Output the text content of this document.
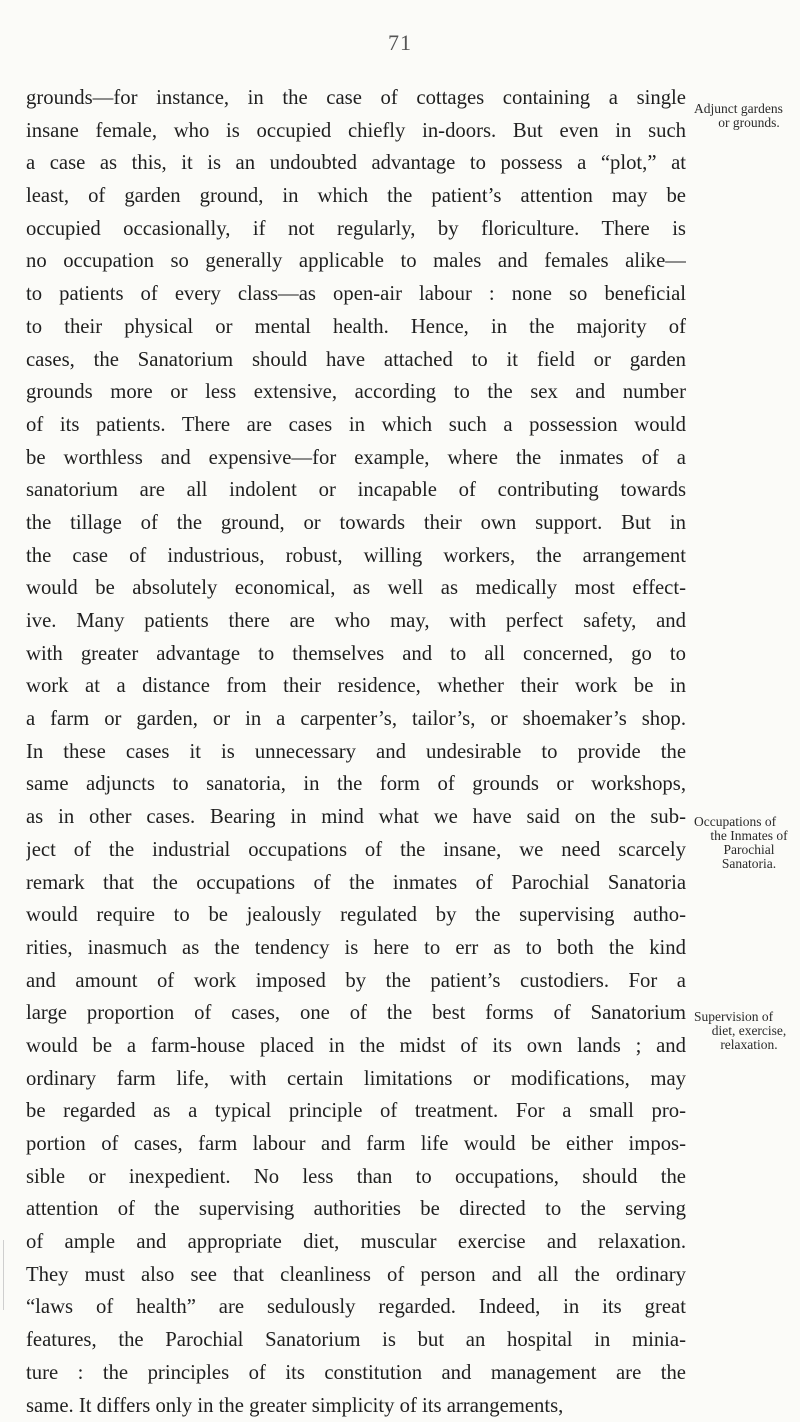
71
grounds—for instance, in the case of cottages containing a single
insane female, who is occupied chiefly in-doors. But even in such
a case as this, it is an undoubted advantage to possess a “plot,” at
least, of garden ground, in which the patient’s attention may be
occupied occasionally, if not regularly, by floriculture. There is
no occupation so generally applicable to males and females alike—
to patients of every class—as open-air labour : none so beneficial
to their physical or mental health. Hence, in the majority of
cases, the Sanatorium should have attached to it field or garden
grounds more or less extensive, according to the sex and number
of its patients. There are cases in which such a possession would
be worthless and expensive—for example, where the inmates of a
sanatorium are all indolent or incapable of contributing towards
the tillage of the ground, or towards their own support. But in
the case of industrious, robust, willing workers, the arrangement
would be absolutely economical, as well as medically most effect-
ive. Many patients there are who may, with perfect safety, and
with greater advantage to themselves and to all concerned, go to
work at a distance from their residence, whether their work be in
a farm or garden, or in a carpenter’s, tailor’s, or shoemaker’s shop.
In these cases it is unnecessary and undesirable to provide the
same adjuncts to sanatoria, in the form of grounds or workshops,
as in other cases. Bearing in mind what we have said on the sub-
ject of the industrial occupations of the insane, we need scarcely
remark that the occupations of the inmates of Parochial Sanatoria
would require to be jealously regulated by the supervising autho-
rities, inasmuch as the tendency is here to err as to both the kind
and amount of work imposed by the patient’s custodiers. For a
large proportion of cases, one of the best forms of Sanatorium
would be a farm-house placed in the midst of its own lands ; and
ordinary farm life, with certain limitations or modifications, may
be regarded as a typical principle of treatment. For a small pro-
portion of cases, farm labour and farm life would be either impos-
sible or inexpedient. No less than to occupations, should the
attention of the supervising authorities be directed to the serving
of ample and appropriate diet, muscular exercise and relaxation.
They must also see that cleanliness of person and all the ordinary
“laws of health” are sedulously regarded. Indeed, in its great
features, the Parochial Sanatorium is but an hospital in minia-
ture : the principles of its constitution and management are the
same. It differs only in the greater simplicity of its arrangements,
Adjunct gardens
or grounds.
Occupations of
the Inmates of
Parochial
Sanatoria.
Supervision of
diet, exercise,
relaxation.
